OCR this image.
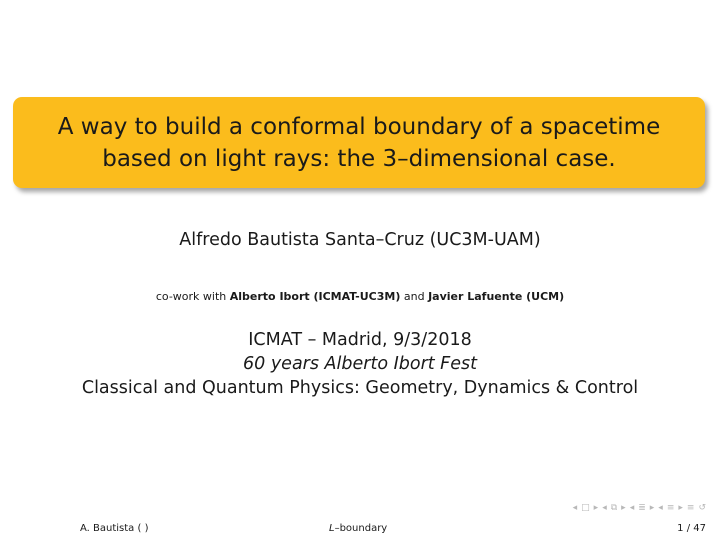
A way to build a conformal boundary of a spacetime
based on light rays: the 3–dimensional case.
Alfredo Bautista Santa–Cruz (UC3M-UAM)
co-work with Alberto Ibort (ICMAT-UC3M) and Javier Lafuente (UCM)
ICMAT – Madrid, 9/3/2018
60 years Alberto Ibort Fest
Classical and Quantum Physics: Geometry, Dynamics & Control
◂ □ ▸ ◂ ⧉ ▸ ◂ ≣ ▸ ◂ ≡ ▸ ≡ ↺
A. Bautista ( )	L–boundary	1 / 47
